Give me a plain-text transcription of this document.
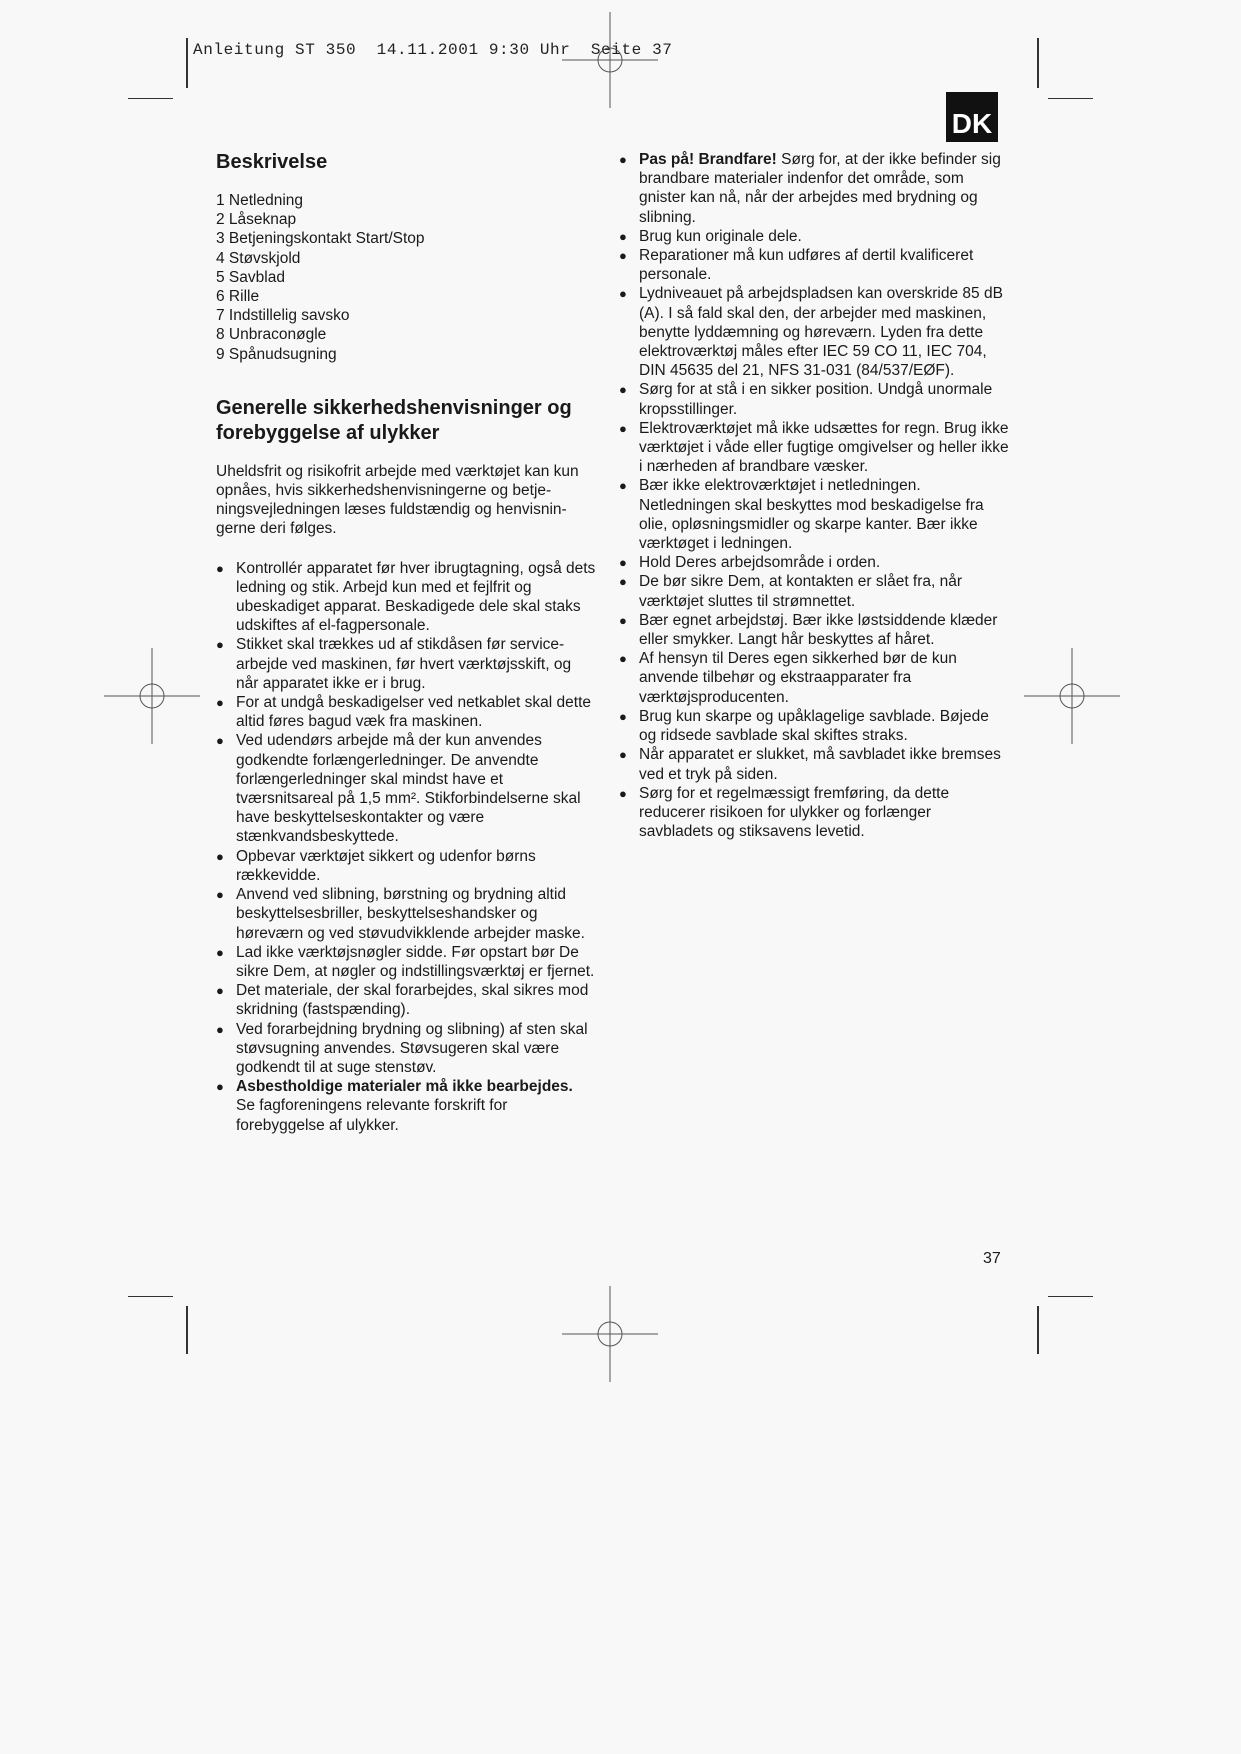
Anleitung ST 350  14.11.2001 9:30 Uhr  Seite 37
DK
Beskrivelse
1 Netledning
2 Låseknap
3 Betjeningskontakt Start/Stop
4 Støvskjold
5 Savblad
6 Rille
7 Indstillelig savsko
8 Unbraconøgle
9 Spånudsugning
Generelle sikkerhedshenvisninger og forebyggelse af ulykker

Uheldsfrit og risikofrit arbejde med værktøjet kan kun opnåes, hvis sikkerhedshenvisningerne og betje-ningsvejledningen læses fuldstændig og henvisnin-gerne deri følges.

● Kontrollér apparatet før hver ibrugtagning, også dets ledning og stik. Arbejd kun med et fejlfrit og ubeskadiget apparat. Beskadigede dele skal staks udskiftes af el-fagpersonale.
● Stikket skal trækkes ud af stikdåsen før service-arbejde ved maskinen, før hvert værktøjsskift, og når apparatet ikke er i brug.
● For at undgå beskadigelser ved netkablet skal dette altid føres bagud væk fra maskinen.
● Ved udendørs arbejde må der kun anvendes godkendte forlængerledninger. De anvendte forlængerledninger skal mindst have et tværsnitsareal på 1,5 mm². Stikforbindelserne skal have beskyttelseskontakter og være stænkvandsbeskyttede.
● Opbevar værktøjet sikkert og udenfor børns rækkevidde.
● Anvend ved slibning, børstning og brydning altid beskyttelsesbriller, beskyttelseshandsker og høreværn og ved støvudvikklende arbejder maske.
● Lad ikke værktøjsnøgler sidde. Før opstart bør De sikre Dem, at nøgler og indstillingsværktøj er fjernet.
● Det materiale, der skal forarbejdes, skal sikres mod skridning (fastspænding).
● Ved forarbejdning brydning og slibning) af sten skal støvsugning anvendes. Støvsugeren skal være godkendt til at suge stenstøv.
● Asbestholdige materialer må ikke bearbejdes.
Se fagforeningens relevante forskrift for forebyggelse af ulykker.
● Pas på! Brandfare! Sørg for, at der ikke befinder sig brandbare materialer indenfor det område, som gnister kan nå, når der arbejdes med brydning og slibning.
● Brug kun originale dele.
● Reparationer må kun udføres af dertil kvalificeret personale.
● Lydniveauet på arbejdspladsen kan overskride 85 dB (A). I så fald skal den, der arbejder med maskinen, benytte lyddæmning og høreværn. Lyden fra dette elektroværktøj måles efter IEC 59 CO 11, IEC 704, DIN 45635 del 21, NFS 31-031 (84/537/EØF).
● Sørg for at stå i en sikker position. Undgå unormale kropsstillinger.
● Elektroværktøjet må ikke udsættes for regn. Brug ikke værktøjet i våde eller fugtige omgivelser og heller ikke i nærheden af brandbare væsker.
● Bær ikke elektroværktøjet i netledningen. Netledningen skal beskyttes mod beskadigelse fra olie, opløsningsmidler og skarpe kanter. Bær ikke værktøget i ledningen.
● Hold Deres arbejdsområde i orden.
● De bør sikre Dem, at kontakten er slået fra, når værktøjet sluttes til strømnettet.
● Bær egnet arbejdstøj. Bær ikke løstsiddende klæder eller smykker. Langt hår beskyttes af håret.
● Af hensyn til Deres egen sikkerhed bør de kun anvende tilbehør og ekstraapparater fra værktøjsproducenten.
● Brug kun skarpe og upåklagelige savblade. Bøjede og ridsede savblade skal skiftes straks.
● Når apparatet er slukket, må savbladet ikke bremses ved et tryk på siden.
● Sørg for et regelmæssigt fremføring, da dette reducerer risikoen for ulykker og forlænger savbladets og stiksavens levetid.
37
